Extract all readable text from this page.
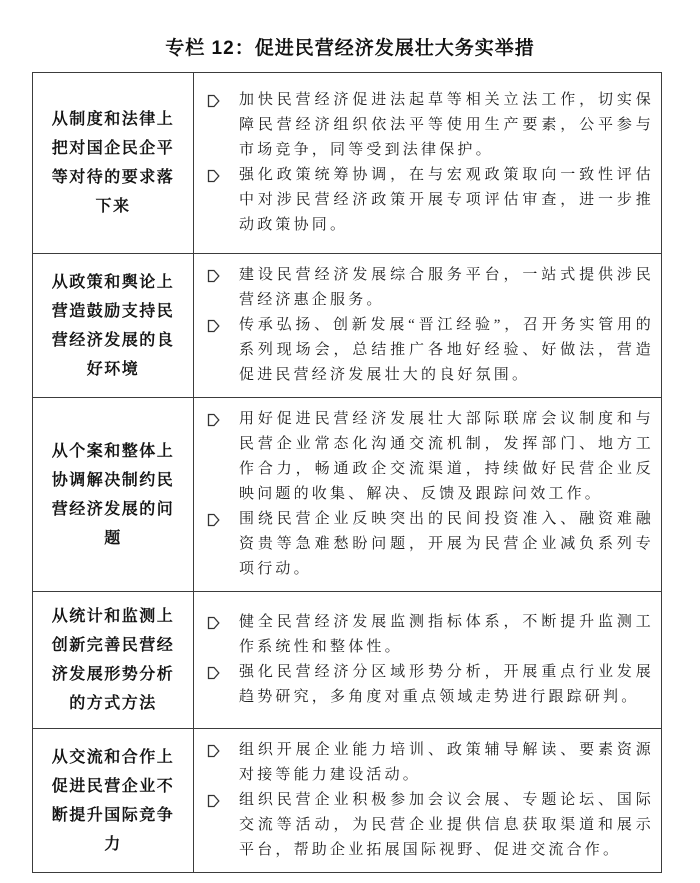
专栏 12：促进民营经济发展壮大务实举措
从制度和法律上把对国企民企平等对待的要求落下来
加快民营经济促进法起草等相关立法工作，切实保障民营经济组织依法平等使用生产要素，公平参与市场竞争，同等受到法律保护。
强化政策统筹协调，在与宏观政策取向一致性评估中对涉民营经济政策开展专项评估审查，进一步推动政策协同。
从政策和舆论上营造鼓励支持民营经济发展的良好环境
建设民营经济发展综合服务平台，一站式提供涉民营经济惠企服务。
传承弘扬、创新发展“晋江经验”，召开务实管用的系列现场会，总结推广各地好经验、好做法，营造促进民营经济发展壮大的良好氛围。
从个案和整体上协调解决制约民营经济发展的问题
用好促进民营经济发展壮大部际联席会议制度和与民营企业常态化沟通交流机制，发挥部门、地方工作合力，畅通政企交流渠道，持续做好民营企业反映问题的收集、解决、反馈及跟踪问效工作。
围绕民营企业反映突出的民间投资准入、融资难融资贵等急难愁盼问题，开展为民营企业减负系列专项行动。
从统计和监测上创新完善民营经济发展形势分析的方式方法
健全民营经济发展监测指标体系，不断提升监测工作系统性和整体性。
强化民营经济分区域形势分析，开展重点行业发展趋势研究，多角度对重点领域走势进行跟踪研判。
从交流和合作上促进民营企业不断提升国际竞争力
组织开展企业能力培训、政策辅导解读、要素资源对接等能力建设活动。
组织民营企业积极参加会议会展、专题论坛、国际交流等活动，为民营企业提供信息获取渠道和展示平台，帮助企业拓展国际视野、促进交流合作。
